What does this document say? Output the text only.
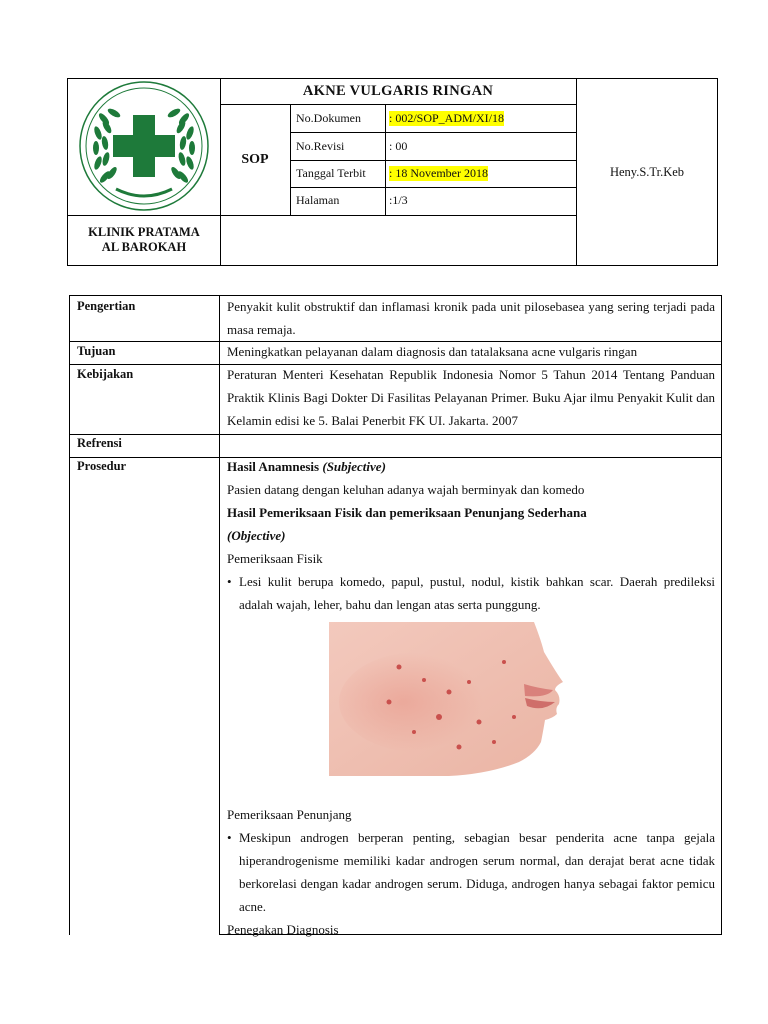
AKNE VULGARIS RINGAN
SOP
No.Dokumen : 002/SOP_ADM/XI/18
No.Revisi	: 00
Tanggal Terbit : 18 November 2018
Halaman	:1/3
Heny.S.Tr.Keb
KLINIK PRATAMA
AL BAROKAH
Pengertian	Penyakit kulit obstruktif dan inflamasi kronik pada unit pilosebasea yang sering terjadi pada masa remaja.
Tujuan	Meningkatkan pelayanan dalam diagnosis dan tatalaksana acne vulgaris ringan
Kebijakan	Peraturan Menteri Kesehatan Republik Indonesia Nomor 5 Tahun 2014 Tentang Panduan Praktik Klinis Bagi Dokter Di Fasilitas Pelayanan Primer. Buku Ajar ilmu Penyakit Kulit dan Kelamin edisi ke 5. Balai Penerbit FK UI. Jakarta. 2007
Refrensi
Prosedur	Hasil Anamnesis (Subjective)
Pasien datang dengan keluhan adanya wajah berminyak dan komedo
Hasil Pemeriksaan Fisik dan pemeriksaan Penunjang Sederhana
(Objective)
Pemeriksaan Fisik
• Lesi kulit berupa komedo, papul, pustul, nodul, kistik bahkan scar. Daerah predileksi adalah wajah, leher, bahu dan lengan atas serta punggung.
Pemeriksaan Penunjang
• Meskipun androgen berperan penting, sebagian besar penderita acne tanpa gejala hiperandrogenisme memiliki kadar androgen serum normal, dan derajat berat acne tidak berkorelasi dengan kadar androgen serum. Diduga, androgen hanya sebagai faktor pemicu acne.
Penegakan Diagnosis
